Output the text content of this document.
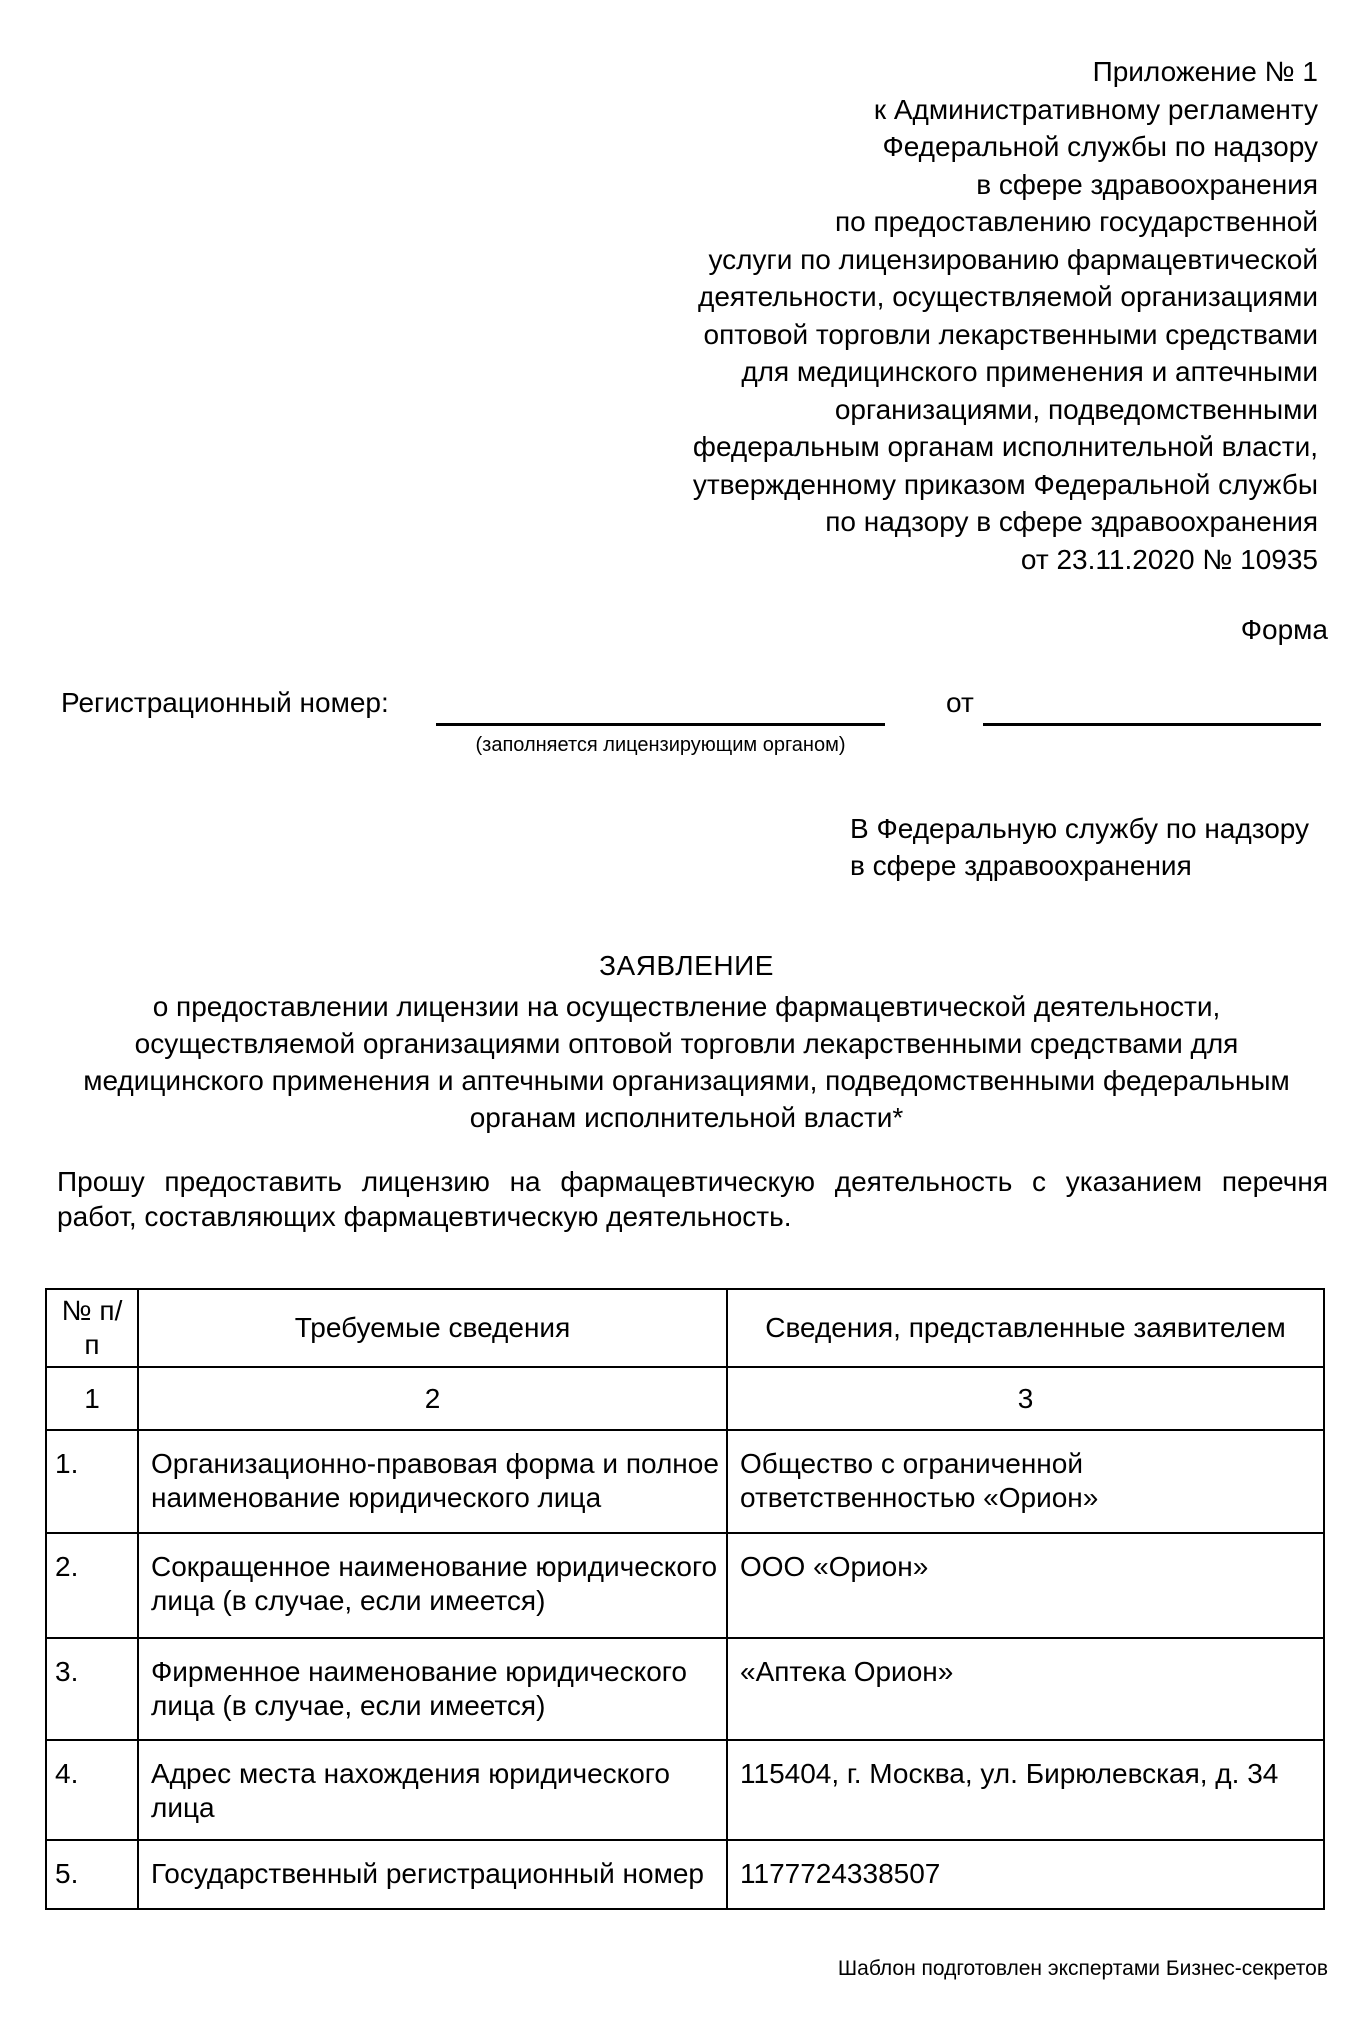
Приложение № 1
к Административному регламенту
Федеральной службы по надзору
в сфере здравоохранения
по предоставлению государственной
услуги по лицензированию фармацевтической
деятельности, осуществляемой организациями
оптовой торговли лекарственными средствами
для медицинского применения и аптечными
организациями, подведомственными
федеральным органам исполнительной власти,
утвержденному приказом Федеральной службы
по надзору в сфере здравоохранения
от 23.11.2020 № 10935
Форма
Регистрационный номер:	от
(заполняется лицензирующим органом)
В Федеральную службу по надзору
в сфере здравоохранения
ЗАЯВЛЕНИЕ
о предоставлении лицензии на осуществление фармацевтической деятельности,
осуществляемой организациями оптовой торговли лекарственными средствами для
медицинского применения и аптечными организациями, подведомственными федеральным
органам исполнительной власти*
Прошу предоставить лицензию на фармацевтическую деятельность с указанием перечня
работ, составляющих фармацевтическую деятельность.
№ п/п	Требуемые сведения	Сведения, представленные заявителем
1	2	3
1.	Организационно-правовая форма и полное наименование юридического лица	Общество с ограниченной ответственностью «Орион»
2.	Сокращенное наименование юридического лица (в случае, если имеется)	ООО «Орион»
3.	Фирменное наименование юридического лица (в случае, если имеется)	«Аптека Орион»
4.	Адрес места нахождения юридического лица	115404, г. Москва, ул. Бирюлевская, д. 34
5.	Государственный регистрационный номер	1177724338507
Шаблон подготовлен экспертами Бизнес-секретов
